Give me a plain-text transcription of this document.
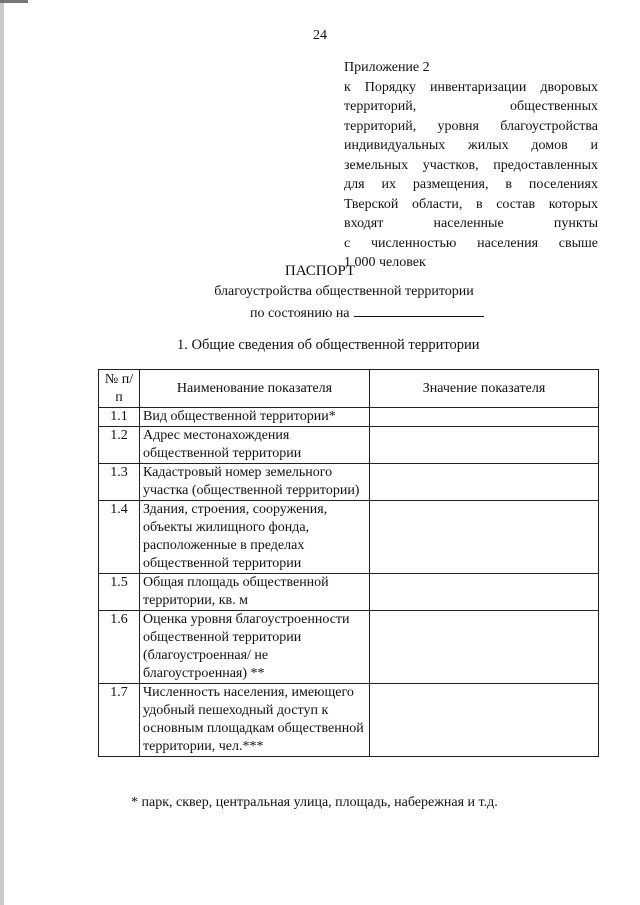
24
Приложение 2
к Порядку инвентаризации дворовых
территорий, общественных
территорий, уровня благоустройства
индивидуальных жилых домов и
земельных участков, предоставленных
для их размещения, в поселениях
Тверской области, в состав которых
входят населенные пункты
с численностью населения свыше
1 000 человек
ПАСПОРТ
благоустройства общественной территории
по состоянию на
1. Общие сведения об общественной территории
№ п/п	Наименование показателя	Значение показателя
1.1	Вид общественной территории*	
1.2	Адрес местонахождения общественной территории	
1.3	Кадастровый номер земельного участка (общественной территории)	
1.4	Здания, строения, сооружения, объекты жилищного фонда, расположенные в пределах общественной территории	
1.5	Общая площадь общественной территории, кв. м	
1.6	Оценка уровня благоустроенности общественной территории (благоустроенная/ не благоустроенная) **	
1.7	Численность населения, имеющего удобный пешеходный доступ к основным площадкам общественной территории, чел.***	
* парк, сквер, центральная улица, площадь, набережная и т.д.
